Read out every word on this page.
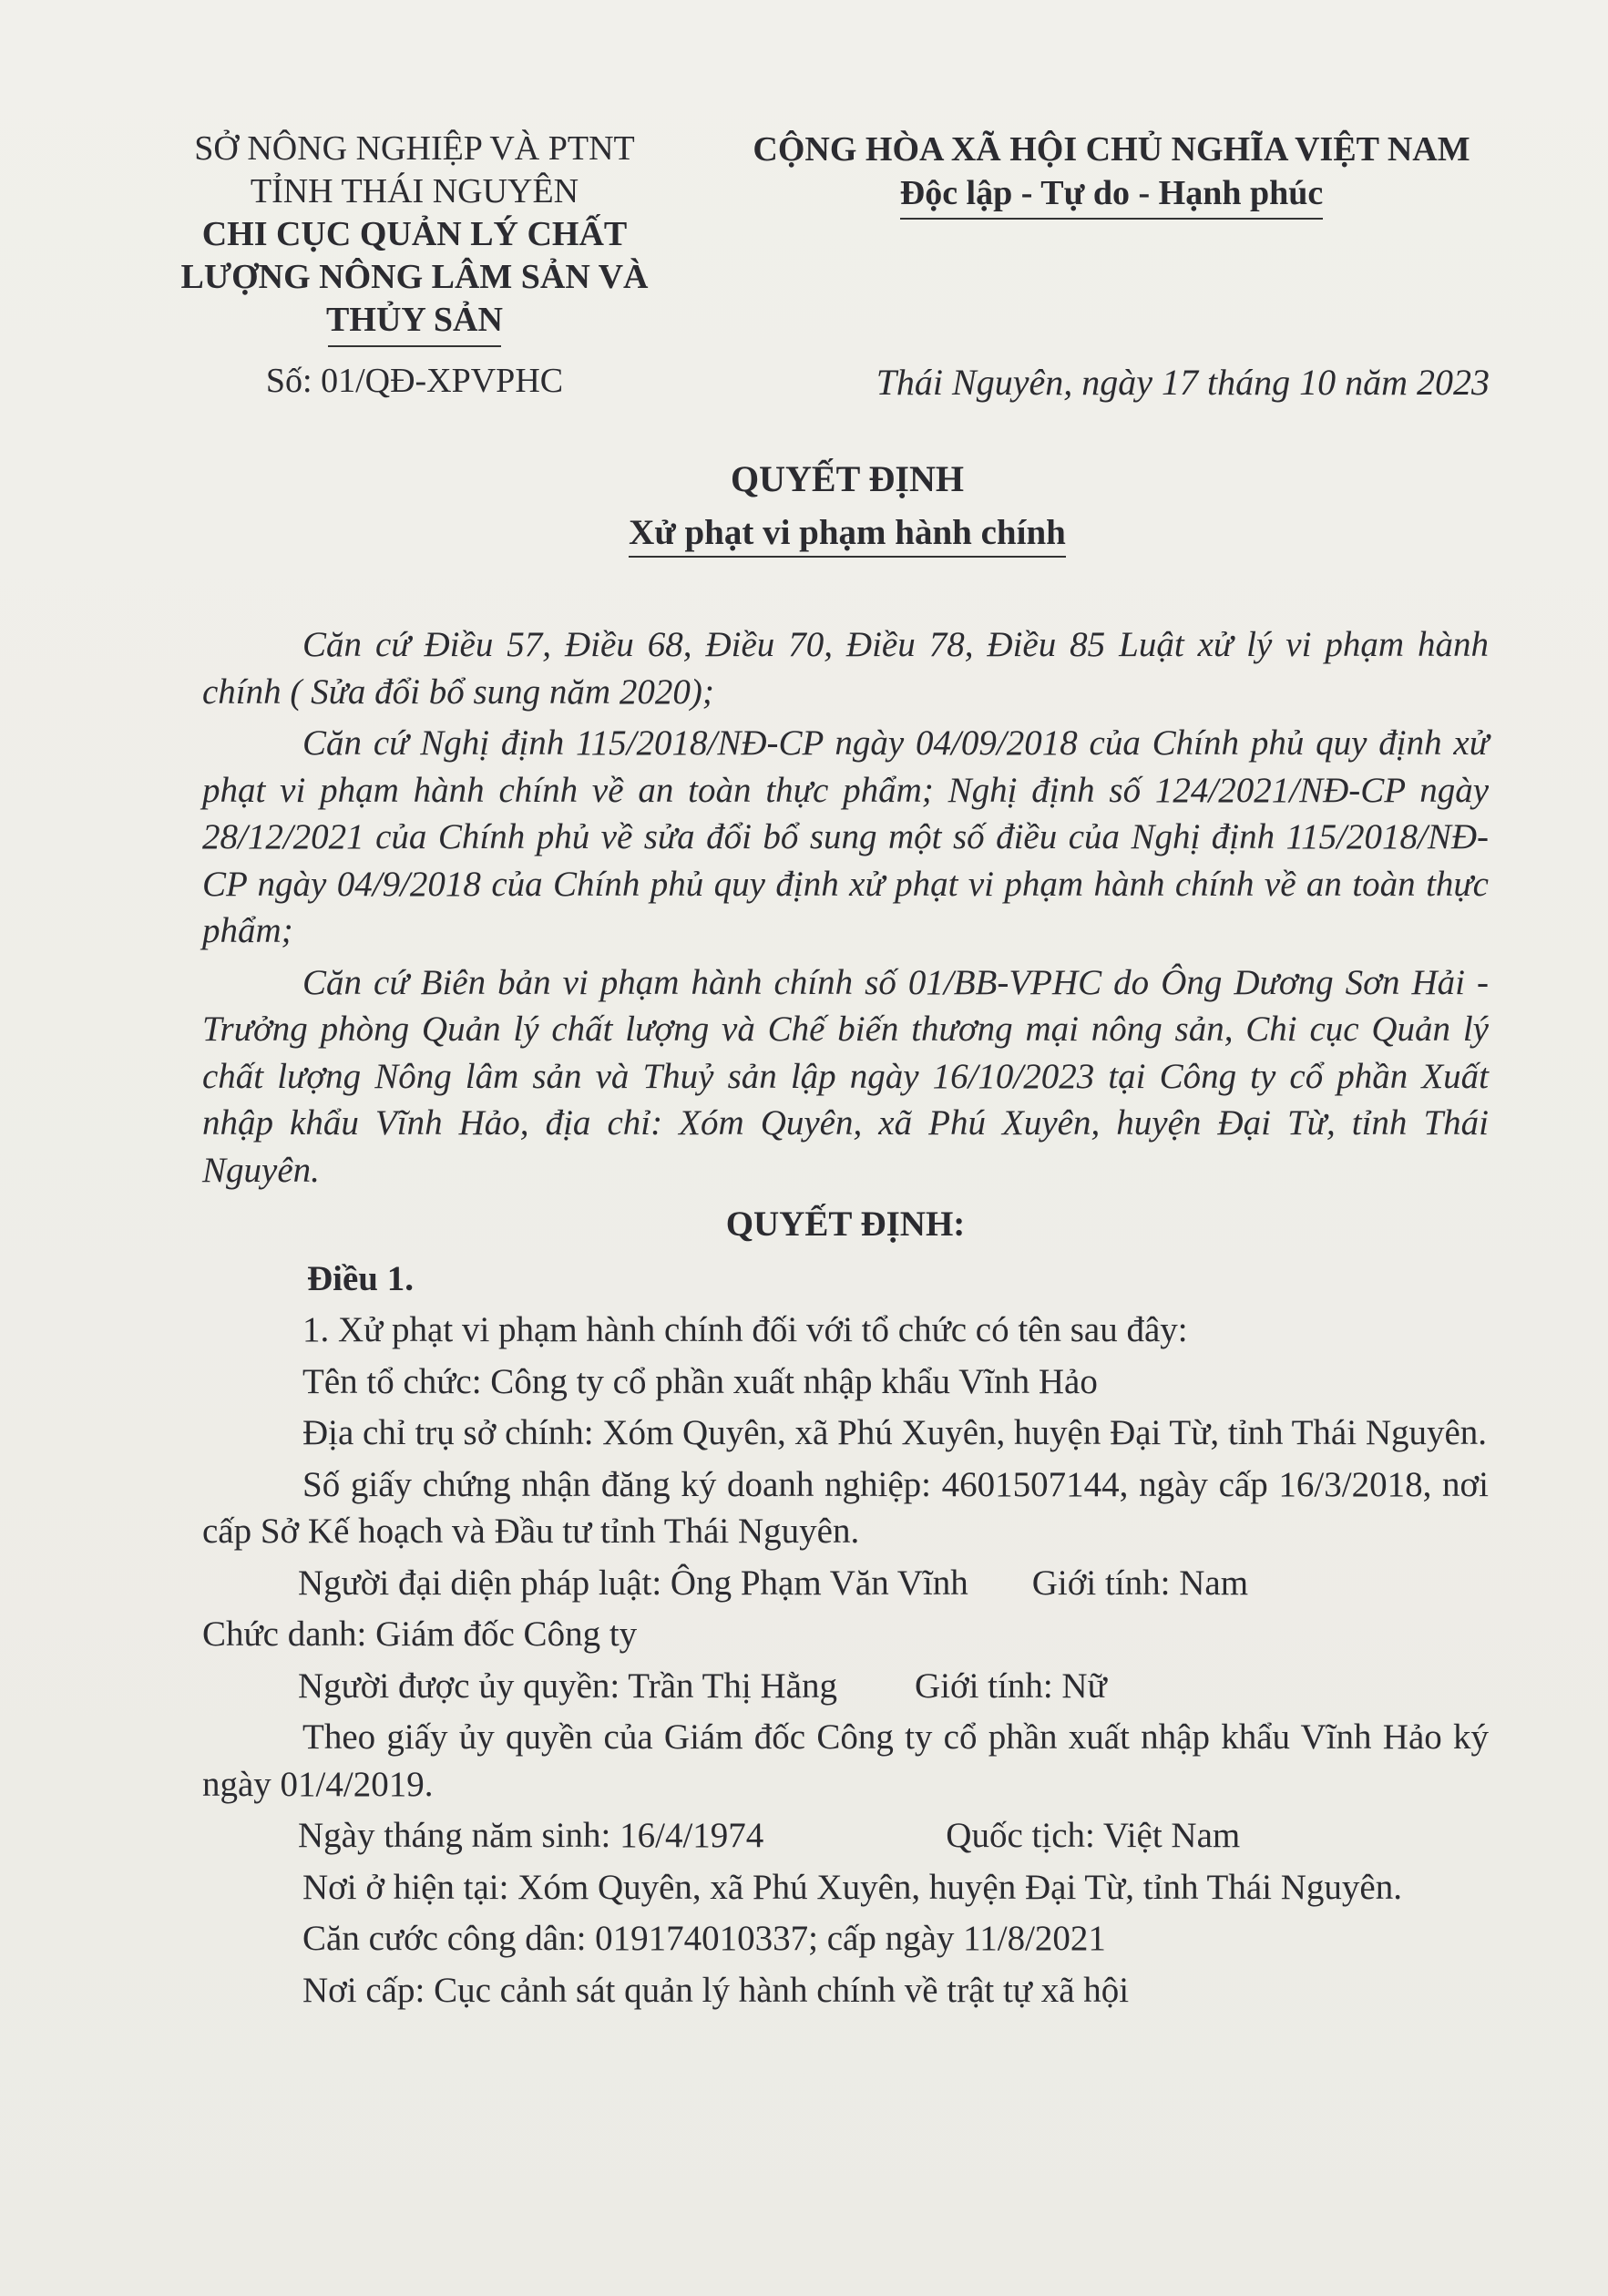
SỞ NÔNG NGHIỆP VÀ PTNT
TỈNH THÁI NGUYÊN
CHI CỤC QUẢN LÝ CHẤT
LƯỢNG NÔNG LÂM SẢN VÀ
THỦY SẢN
CỘNG HÒA XÃ HỘI CHỦ NGHĨA VIỆT NAM
Độc lập - Tự do - Hạnh phúc
Số: 01/QĐ-XPVPHC	Thái Nguyên, ngày 17 tháng 10 năm 2023
QUYẾT ĐỊNH
Xử phạt vi phạm hành chính

Căn cứ Điều 57, Điều 68, Điều 70, Điều 78, Điều 85 Luật xử lý vi phạm hành chính ( Sửa đổi bổ sung năm 2020);

Căn cứ Nghị định 115/2018/NĐ-CP ngày 04/09/2018 của Chính phủ quy định xử phạt vi phạm hành chính về an toàn thực phẩm; Nghị định số 124/2021/NĐ-CP ngày 28/12/2021 của Chính phủ về sửa đổi bổ sung một số điều của Nghị định 115/2018/NĐ-CP ngày 04/9/2018 của Chính phủ quy định xử phạt vi phạm hành chính về an toàn thực phẩm;

Căn cứ Biên bản vi phạm hành chính số 01/BB-VPHC do Ông Dương Sơn Hải - Trưởng phòng Quản lý chất lượng và Chế biến thương mại nông sản, Chi cục Quản lý chất lượng Nông lâm sản và Thuỷ sản lập ngày 16/10/2023 tại Công ty cổ phần Xuất nhập khẩu Vĩnh Hảo, địa chỉ: Xóm Quyên, xã Phú Xuyên, huyện Đại Từ, tỉnh Thái Nguyên.

QUYẾT ĐỊNH:

Điều 1.

1. Xử phạt vi phạm hành chính đối với tổ chức có tên sau đây:

Tên tổ chức: Công ty cổ phần xuất nhập khẩu Vĩnh Hảo

Địa chỉ trụ sở chính: Xóm Quyên, xã Phú Xuyên, huyện Đại Từ, tỉnh Thái Nguyên.

Số giấy chứng nhận đăng ký doanh nghiệp: 4601507144, ngày cấp 16/3/2018, nơi cấp Sở Kế hoạch và Đầu tư tỉnh Thái Nguyên.

Người đại diện pháp luật: Ông Phạm Văn Vĩnh Giới tính: Nam

Chức danh: Giám đốc Công ty

Người được ủy quyền: Trần Thị Hằng Giới tính: Nữ

Theo giấy ủy quyền của Giám đốc Công ty cổ phần xuất nhập khẩu Vĩnh Hảo ký ngày 01/4/2019.

Ngày tháng năm sinh: 16/4/1974	Quốc tịch: Việt Nam

Nơi ở hiện tại: Xóm Quyên, xã Phú Xuyên, huyện Đại Từ, tỉnh Thái Nguyên.

Căn cước công dân: 019174010337; cấp ngày 11/8/2021

Nơi cấp: Cục cảnh sát quản lý hành chính về trật tự xã hội
